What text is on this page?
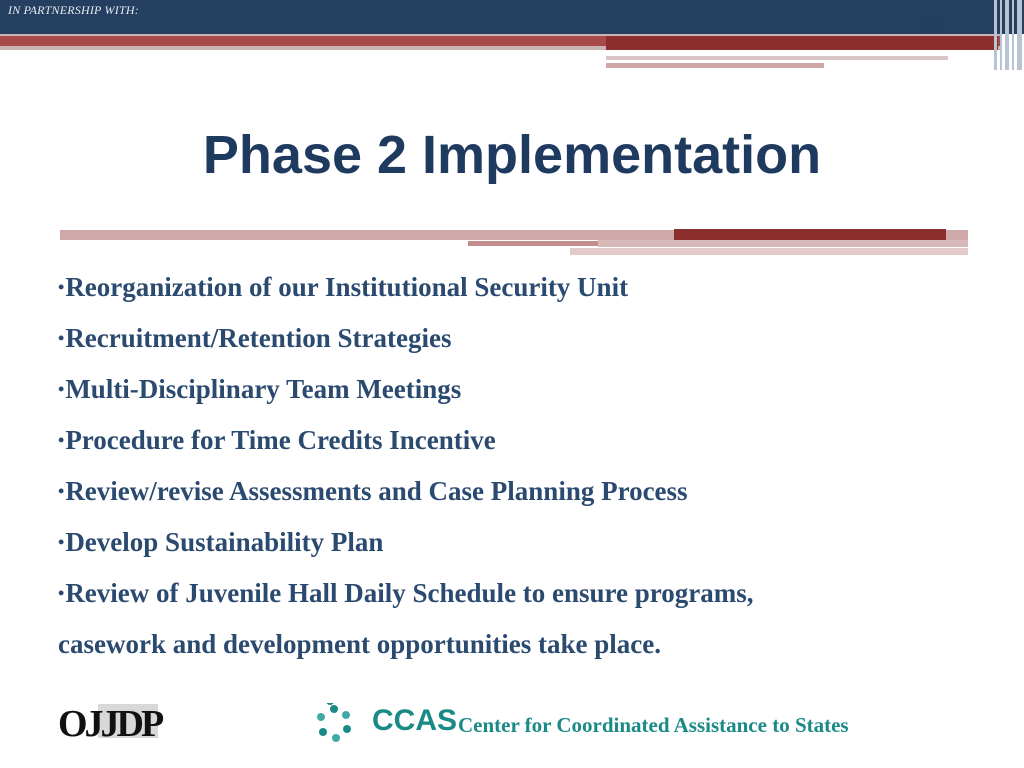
IN PARTNERSHIP WITH:
14
Phase 2 Implementation
•Reorganization of our Institutional Security Unit
•Recruitment/Retention Strategies
•Multi-Disciplinary Team Meetings
•Procedure for Time Credits Incentive
•Review/revise Assessments and Case Planning Process
•Develop Sustainability Plan
•Review of Juvenile Hall Daily Schedule to ensure programs,
casework and development opportunities take place.
OJJDP	CCAS Center for Coordinated Assistance to States
